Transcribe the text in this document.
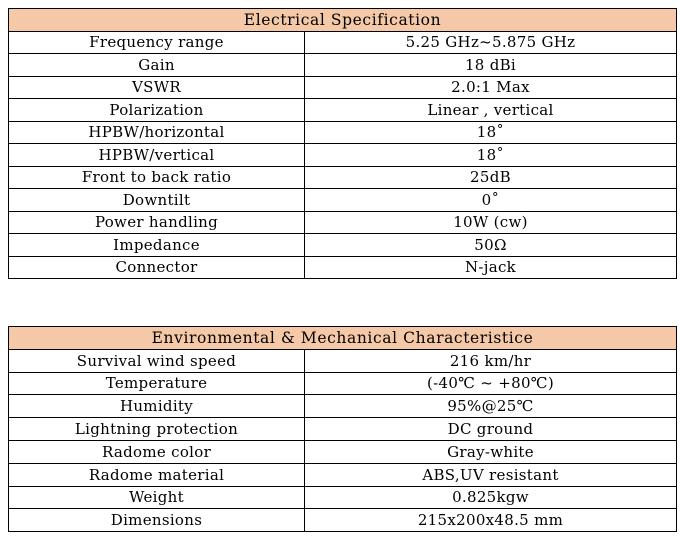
Electrical Specification	
Frequency range	5.25 GHz~5.875 GHz
Gain	18 dBi
VSWR	2.0:1 Max
Polarization	Linear , vertical
HPBW/horizontal	18˚
HPBW/vertical	18˚
Front to back ratio	25dB
Downtilt	0˚
Power handling	10W (cw)
Impedance	50Ω
Connector	N-jack
Environmental & Mechanical Characteristice	
Survival wind speed	216 km/hr
Temperature	(-40℃ ~ +80℃)
Humidity	95%@25℃
Lightning protection	DC ground
Radome color	Gray-white
Radome material	ABS,UV resistant
Weight	0.825kgw
Dimensions	215x200x48.5 mm
